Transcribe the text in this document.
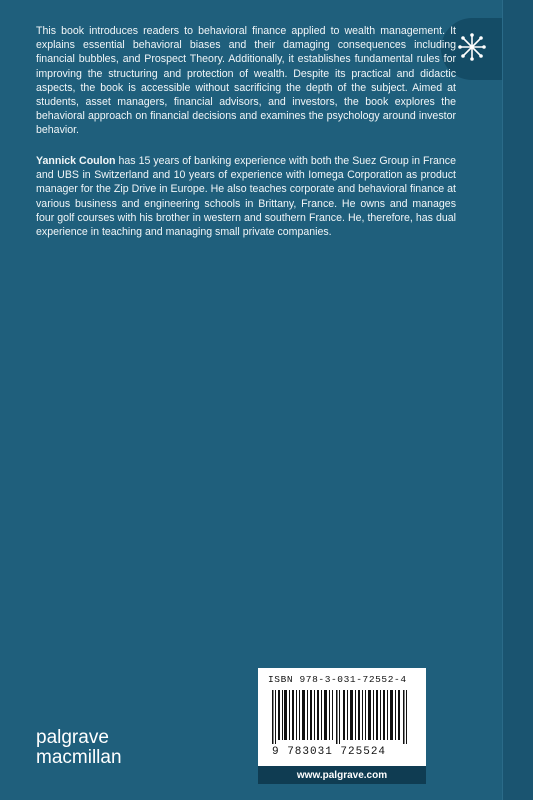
This book introduces readers to behavioral finance applied to wealth management. It explains essential behavioral biases and their damaging consequences including financial bubbles, and Prospect Theory. Additionally, it establishes fundamental rules for improving the structuring and protection of wealth. Despite its practical and didactic aspects, the book is accessible without sacrificing the depth of the subject. Aimed at students, asset managers, financial advisors, and investors, the book explores the behavioral approach on financial decisions and examines the psychology around investor behavior.

Yannick Coulon has 15 years of banking experience with both the Suez Group in France and UBS in Switzerland and 10 years of experience with Iomega Corporation as product manager for the Zip Drive in Europe. He also teaches corporate and behavioral finance at various business and engineering schools in Brittany, France. He owns and manages four golf courses with his brother in western and southern France. He, therefore, has dual experience in teaching and managing small private companies.

palgrave
macmillan
ISBN 978-3-031-72552-4
9 783031 725524
www.palgrave.com
